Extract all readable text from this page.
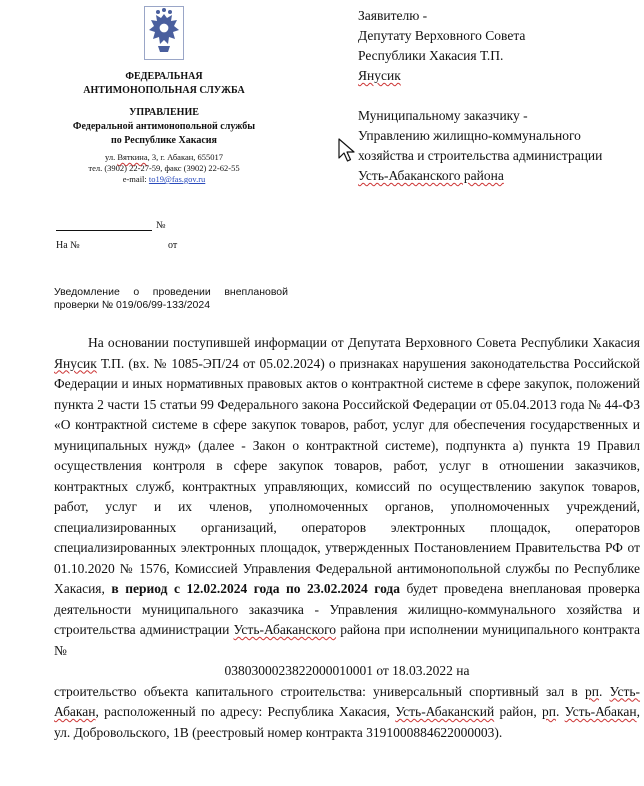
ФЕДЕРАЛЬНАЯ
АНТИМОНОПОЛЬНАЯ СЛУЖБА
УПРАВЛЕНИЕ
Федеральной антимонопольной службы
по Республике Хакасия
ул. Вяткина, 3, г. Абакан, 655017
тел. (3902) 22-27-59, факс (3902) 22-62-55
e-mail: to19@fas.gov.ru
№
На №	от
Уведомление о проведении внеплановой проверки № 019/06/99-133/2024
Заявителю -
Депутату Верховного Совета
Республики Хакасия Т.П.
Янусик
Муниципальному заказчику -
Управлению жилищно-коммунального
хозяйства и строительства администрации
Усть-Абаканского района

На основании поступившей информации от Депутата Верховного Совета Республики Хакасия Янусик Т.П. (вх. № 1085-ЭП/24 от 05.02.2024) о признаках нарушения законодательства Российской Федерации и иных нормативных правовых актов о контрактной системе в сфере закупок, положений пункта 2 части 15 статьи 99 Федерального закона Российской Федерации от 05.04.2013 года № 44-ФЗ «О контрактной системе в сфере закупок товаров, работ, услуг для обеспечения государственных и муниципальных нужд» (далее - Закон о контрактной системе), подпункта а) пункта 19 Правил осуществления контроля в сфере закупок товаров, работ, услуг в отношении заказчиков, контрактных служб, контрактных управляющих, комиссий по осуществлению закупок товаров, работ, услуг и их членов, уполномоченных органов, уполномоченных учреждений, специализированных организаций, операторов электронных площадок, операторов специализированных электронных площадок, утвержденных Постановлением Правительства РФ от 01.10.2020 № 1576, Комиссией Управления Федеральной антимонопольной службы по Республике Хакасия, в период с 12.02.2024 года по 23.02.2024 года будет проведена внеплановая проверка деятельности муниципального заказчика - Управления жилищно-коммунального хозяйства и строительства администрации Усть-Абаканского района при исполнении муниципального контракта №
0380300023822000010001 от 18.03.2022 на
строительство объекта капитального строительства: универсальный спортивный зал в рп. Усть-Абакан, расположенный по адресу: Республика Хакасия, Усть-Абаканский район, рп. Усть-Абакан, ул. Добровольского, 1В (реестровый номер контракта 3191000884622000003).
